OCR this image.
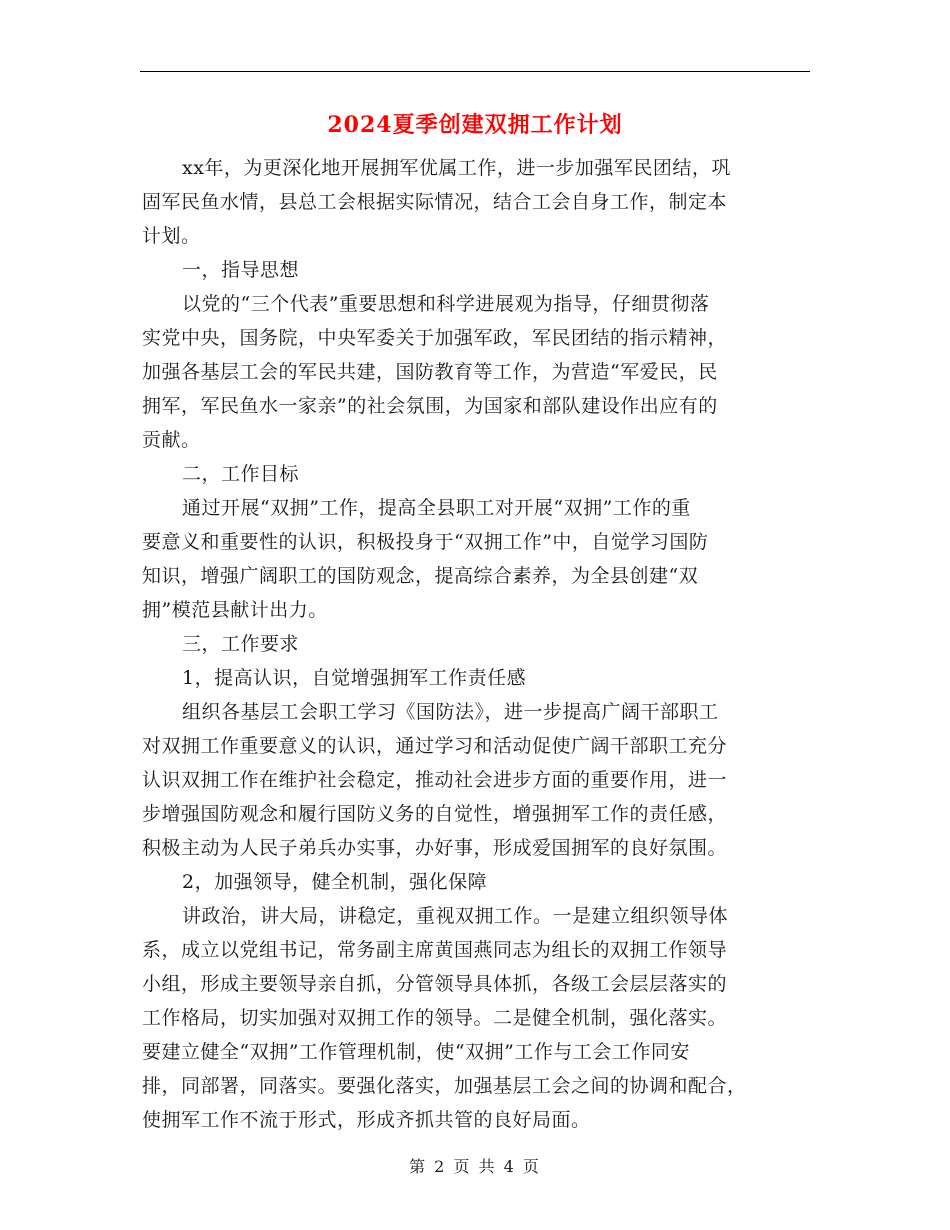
2024夏季创建双拥工作计划
xx年，为更深化地开展拥军优属工作，进一步加强军民团结，巩
固军民鱼水情，县总工会根据实际情况，结合工会自身工作，制定本
计划。
一，指导思想
以党的“三个代表”重要思想和科学进展观为指导，仔细贯彻落
实党中央，国务院，中央军委关于加强军政，军民团结的指示精神，
加强各基层工会的军民共建，国防教育等工作，为营造“军爱民，民
拥军，军民鱼水一家亲”的社会氛围，为国家和部队建设作出应有的
贡献。
二，工作目标
通过开展“双拥”工作，提高全县职工对开展“双拥”工作的重
要意义和重要性的认识，积极投身于“双拥工作”中，自觉学习国防
知识，增强广阔职工的国防观念，提高综合素养，为全县创建“双
拥”模范县献计出力。
三，工作要求
1，提高认识，自觉增强拥军工作责任感
组织各基层工会职工学习《国防法》，进一步提高广阔干部职工
对双拥工作重要意义的认识，通过学习和活动促使广阔干部职工充分
认识双拥工作在维护社会稳定，推动社会进步方面的重要作用，进一
步增强国防观念和履行国防义务的自觉性，增强拥军工作的责任感，
积极主动为人民子弟兵办实事，办好事，形成爱国拥军的良好氛围。
2，加强领导，健全机制，强化保障
讲政治，讲大局，讲稳定，重视双拥工作。一是建立组织领导体
系，成立以党组书记，常务副主席黄国燕同志为组长的双拥工作领导
小组，形成主要领导亲自抓，分管领导具体抓，各级工会层层落实的
工作格局，切实加强对双拥工作的领导。二是健全机制，强化落实。
要建立健全“双拥”工作管理机制，使“双拥”工作与工会工作同安
排，同部署，同落实。要强化落实，加强基层工会之间的协调和配合，
使拥军工作不流于形式，形成齐抓共管的良好局面。
第 2 页 共 4 页
